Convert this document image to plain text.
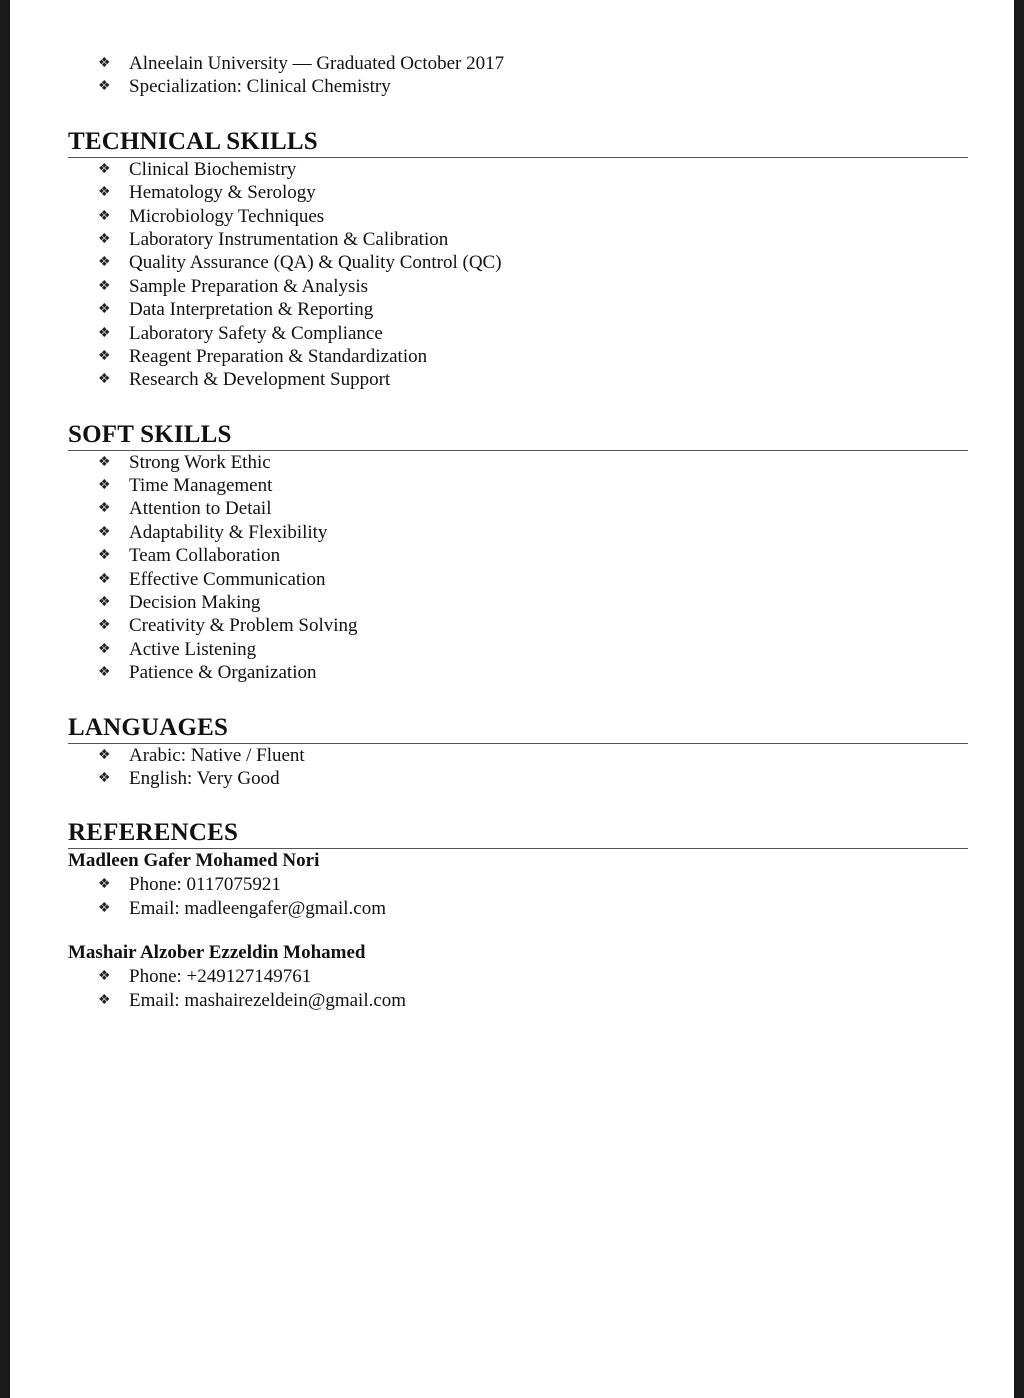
❖ Alneelain University — Graduated October 2017
❖ Specialization: Clinical Chemistry
TECHNICAL SKILLS
❖ Clinical Biochemistry
❖ Hematology & Serology
❖ Microbiology Techniques
❖ Laboratory Instrumentation & Calibration
❖ Quality Assurance (QA) & Quality Control (QC)
❖ Sample Preparation & Analysis
❖ Data Interpretation & Reporting
❖ Laboratory Safety & Compliance
❖ Reagent Preparation & Standardization
❖ Research & Development Support
SOFT SKILLS
❖ Strong Work Ethic
❖ Time Management
❖ Attention to Detail
❖ Adaptability & Flexibility
❖ Team Collaboration
❖ Effective Communication
❖ Decision Making
❖ Creativity & Problem Solving
❖ Active Listening
❖ Patience & Organization
LANGUAGES
❖ Arabic: Native / Fluent
❖ English: Very Good
REFERENCES
Madleen Gafer Mohamed Nori
❖ Phone: 0117075921
❖ Email: madleengafer@gmail.com
Mashair Alzober Ezzeldin Mohamed
❖ Phone: +249127149761
❖ Email: mashairezeldein@gmail.com
